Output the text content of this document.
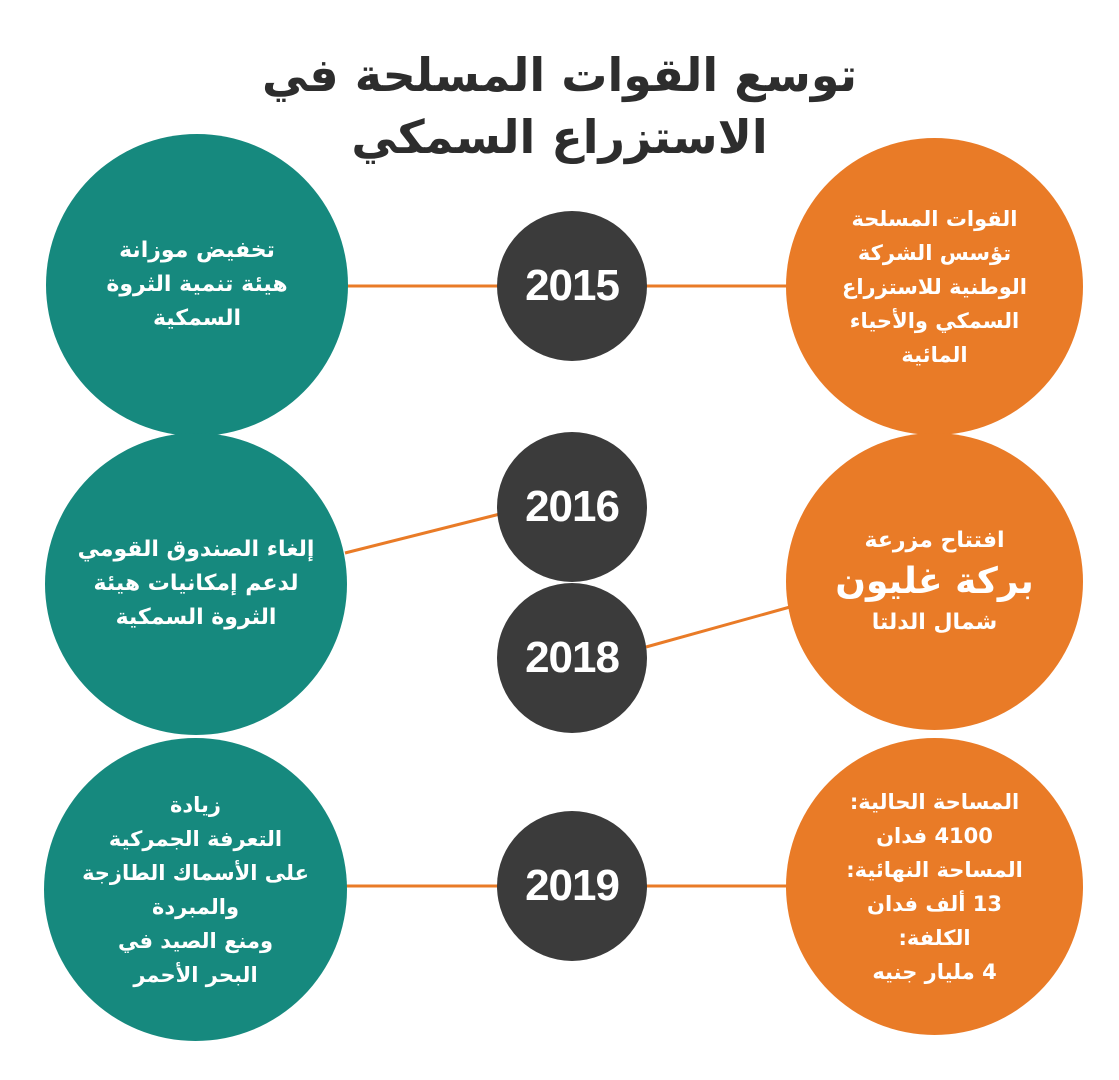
توسع القوات المسلحة في
الاستزراع السمكي
تخفيض موزانة
هيئة تنمية الثروة
السمكية
2015
القوات المسلحة
تؤسس الشركة
الوطنية للاستزراع
السمكي والأحياء
المائية
إلغاء الصندوق القومي
لدعم إمكانيات هيئة
الثروة السمكية
2016
2018
افتتاح مزرعة
بركة غليون
شمال الدلتا
زيادة
التعرفة الجمركية
على الأسماك الطازجة
والمبردة
ومنع الصيد في
البحر الأحمر
2019
المساحة الحالية:
4100 فدان
المساحة النهائية:
13 ألف فدان
الكلفة:
4 مليار جنيه
